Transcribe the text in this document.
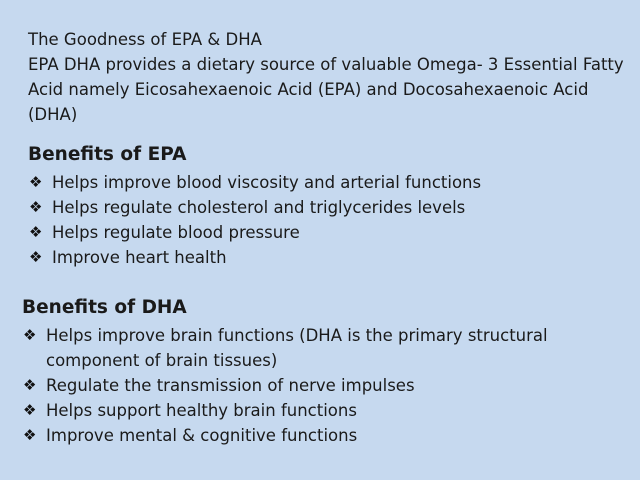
The Goodness of EPA & DHA

EPA DHA provides a dietary source of valuable Omega- 3 Essential Fatty Acid namely Eicosahexaenoic Acid (EPA) and Docosahexaenoic Acid (DHA)

Benefits of EPA
❖ Helps improve blood viscosity and arterial functions
❖ Helps regulate cholesterol and triglycerides levels
❖ Helps regulate blood pressure
❖ Improve heart health
Benefits of DHA
❖ Helps improve brain functions (DHA is the primary structural component of brain tissues)
❖ Regulate the transmission of nerve impulses
❖ Helps support healthy brain functions
❖ Improve mental & cognitive functions
